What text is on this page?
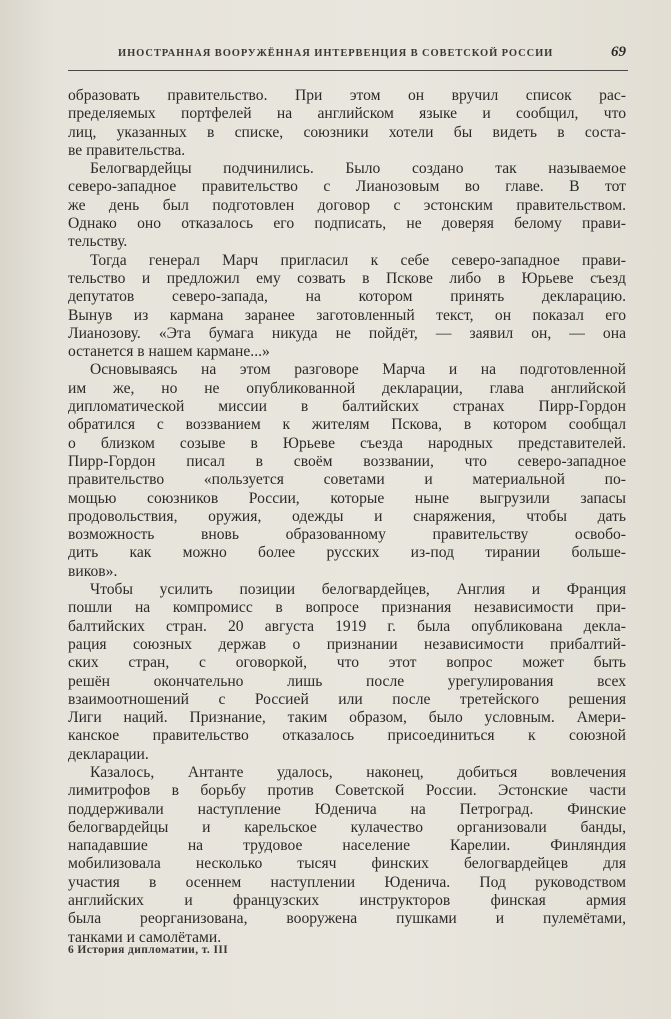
ИНОСТРАННАЯ ВООРУЖЁННАЯ ИНТЕРВЕНЦИЯ В СОВЕТСКОЙ РОССИИ	69
образовать правительство. При этом он вручил список рас-
пределяемых портфелей на английском языке и сообщил, что
лиц, указанных в списке, союзники хотели бы видеть в соста-
ве правительства.
Белогвардейцы подчинились. Было создано так называемое
северо-западное правительство с Лианозовым во главе. В тот
же день был подготовлен договор с эстонским правительством.
Однако оно отказалось его подписать, не доверяя белому прави-
тельству.
Тогда генерал Марч пригласил к себе северо-западное прави-
тельство и предложил ему созвать в Пскове либо в Юрьеве съезд
депутатов северо-запада, на котором принять декларацию.
Вынув из кармана заранее заготовленный текст, он показал его
Лианозову. «Эта бумага никуда не пойдёт, — заявил он, — она
останется в нашем кармане...»
Основываясь на этом разговоре Марча и на подготовленной
им же, но не опубликованной декларации, глава английской
дипломатической миссии в балтийских странах Пирр-Гордон
обратился с воззванием к жителям Пскова, в котором сообщал
о близком созыве в Юрьеве съезда народных представителей.
Пирр-Гордон писал в своём воззвании, что северо-западное
правительство «пользуется советами и материальной по-
мощью союзников России, которые ныне выгрузили запасы
продовольствия, оружия, одежды и снаряжения, чтобы дать
возможность вновь образованному правительству освобо-
дить как можно более русских из-под тирании больше-
виков».
Чтобы усилить позиции белогвардейцев, Англия и Франция
пошли на компромисс в вопросе признания независимости при-
балтийских стран. 20 августа 1919 г. была опубликована декла-
рация союзных держав о признании независимости прибалтий-
ских стран, с оговоркой, что этот вопрос может быть
решён окончательно лишь после урегулирования всех
взаимоотношений с Россией или после третейского решения
Лиги наций. Признание, таким образом, было условным. Амери-
канское правительство отказалось присоединиться к союзной
декларации.
Казалось, Антанте удалось, наконец, добиться вовлечения
лимитрофов в борьбу против Советской России. Эстонские части
поддерживали наступление Юденича на Петроград. Финские
белогвардейцы и карельское кулачество организовали банды,
нападавшие на трудовое население Карелии. Финляндия
мобилизовала несколько тысяч финских белогвардейцев для
участия в осеннем наступлении Юденича. Под руководством
английских и французских инструкторов финская армия
была реорганизована, вооружена пушками и пулемётами,
танками и самолётами.
6 История дипломатии, т. III
